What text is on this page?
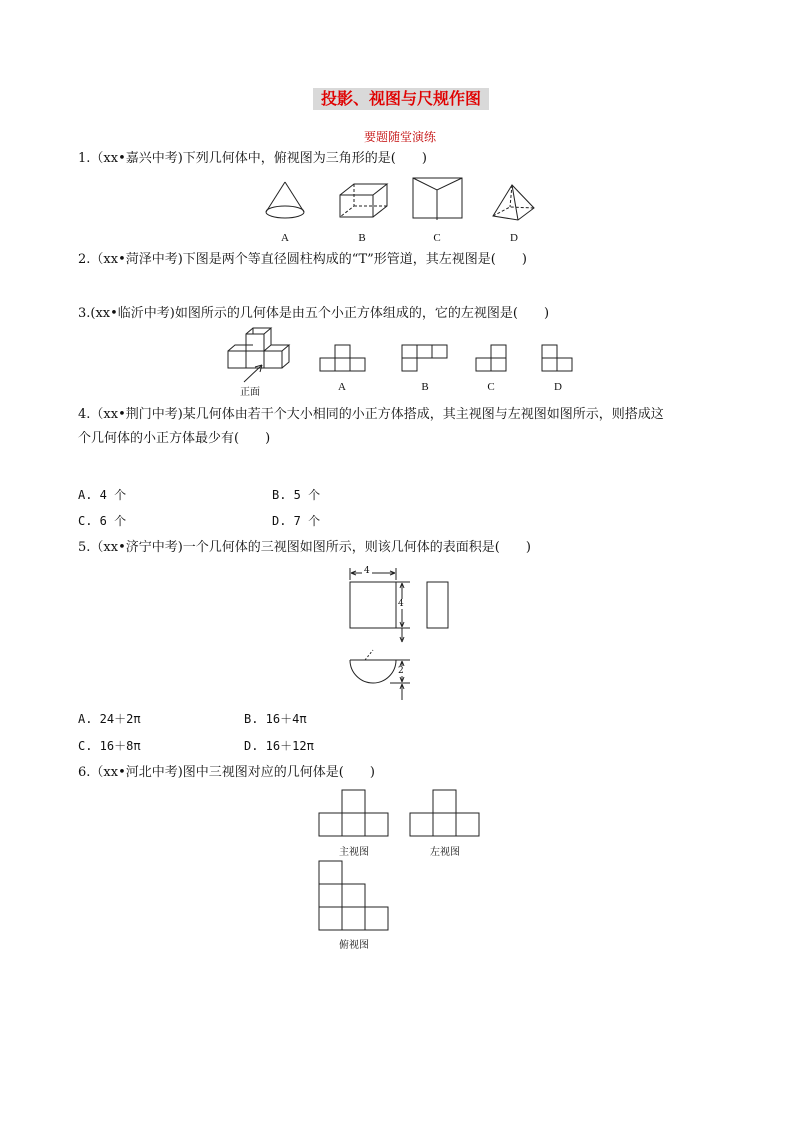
投影、视图与尺规作图
要题随堂演练
1.（xx•嘉兴中考)下列几何体中，俯视图为三角形的是(　　)
A	B	C	D
2.（xx•菏泽中考)下图是两个等直径圆柱构成的“T”形管道，其左视图是(　　)
3.(xx•临沂中考)如图所示的几何体是由五个小正方体组成的，它的左视图是(　　)
正面	A	B	C	D
4.（xx•荆门中考)某几何体由若干个大小相同的小正方体搭成，其主视图与左视图如图所示，则搭成这
个几何体的小正方体最少有(　　)
A. 4 个	B. 5 个
C. 6 个	D. 7 个
5.（xx•济宁中考)一个几何体的三视图如图所示，则该几何体的表面积是(　　)
4
4
2
A. 24＋2π	B. 16＋4π
C. 16＋8π	D. 16＋12π
6.（xx•河北中考)图中三视图对应的几何体是(　　)
主视图	左视图
俯视图
